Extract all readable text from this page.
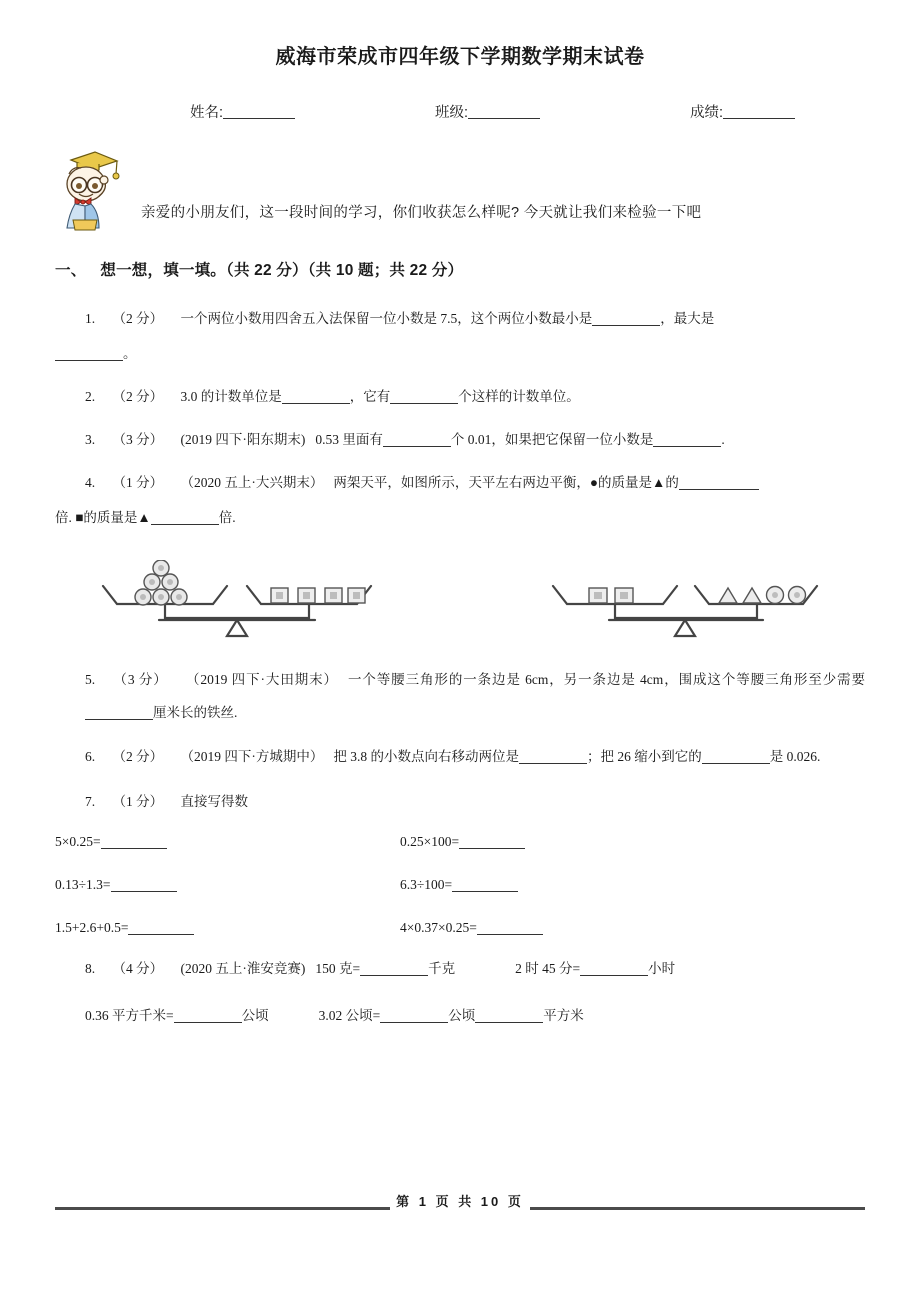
威海市荣成市四年级下学期数学期末试卷
姓名:	班级:	成绩:
亲爱的小朋友们，这一段时间的学习，你们收获怎么样呢? 今天就让我们来检验一下吧
一、 想一想，填一填。（共 22 分）（共 10 题；共 22 分）
1. （2 分） 一个两位小数用四舍五入法保留一位小数是 7.5，这个两位小数最小是	，最大是
。
2. （2 分） 3.0 的计数单位是	，它有	个这样的计数单位。
3. （3 分） (2019 四下·阳东期末) 0.53 里面有	个 0.01，如果把它保留一位小数是	.
4. （1 分） （2020 五上·大兴期末） 两架天平，如图所示，天平左右两边平衡，●的质量是▲的
倍. ■的质量是▲	倍.
5. （3 分） （2019 四下·大田期末） 一个等腰三角形的一条边是 6cm，另一条边是 4cm，围成这个等腰三角形至少需要厘米长的铁丝.
6. （2 分） （2019 四下·方城期中） 把 3.8 的小数点向右移动两位是	；把 26 缩小到它的	是 0.026.
7. （1 分） 直接写得数
5×0.25=	0.25×100=
0.13÷1.3=	6.3÷100=
1.5+2.6+0.5=	4×0.37×0.25=
8. （4 分） (2020 五上·淮安竞赛) 150 克=	千克	2 时 45 分=	小时
0.36 平方千米=	公顷	3.02 公顷=	公顷	平方米
第 1 页 共 10 页
